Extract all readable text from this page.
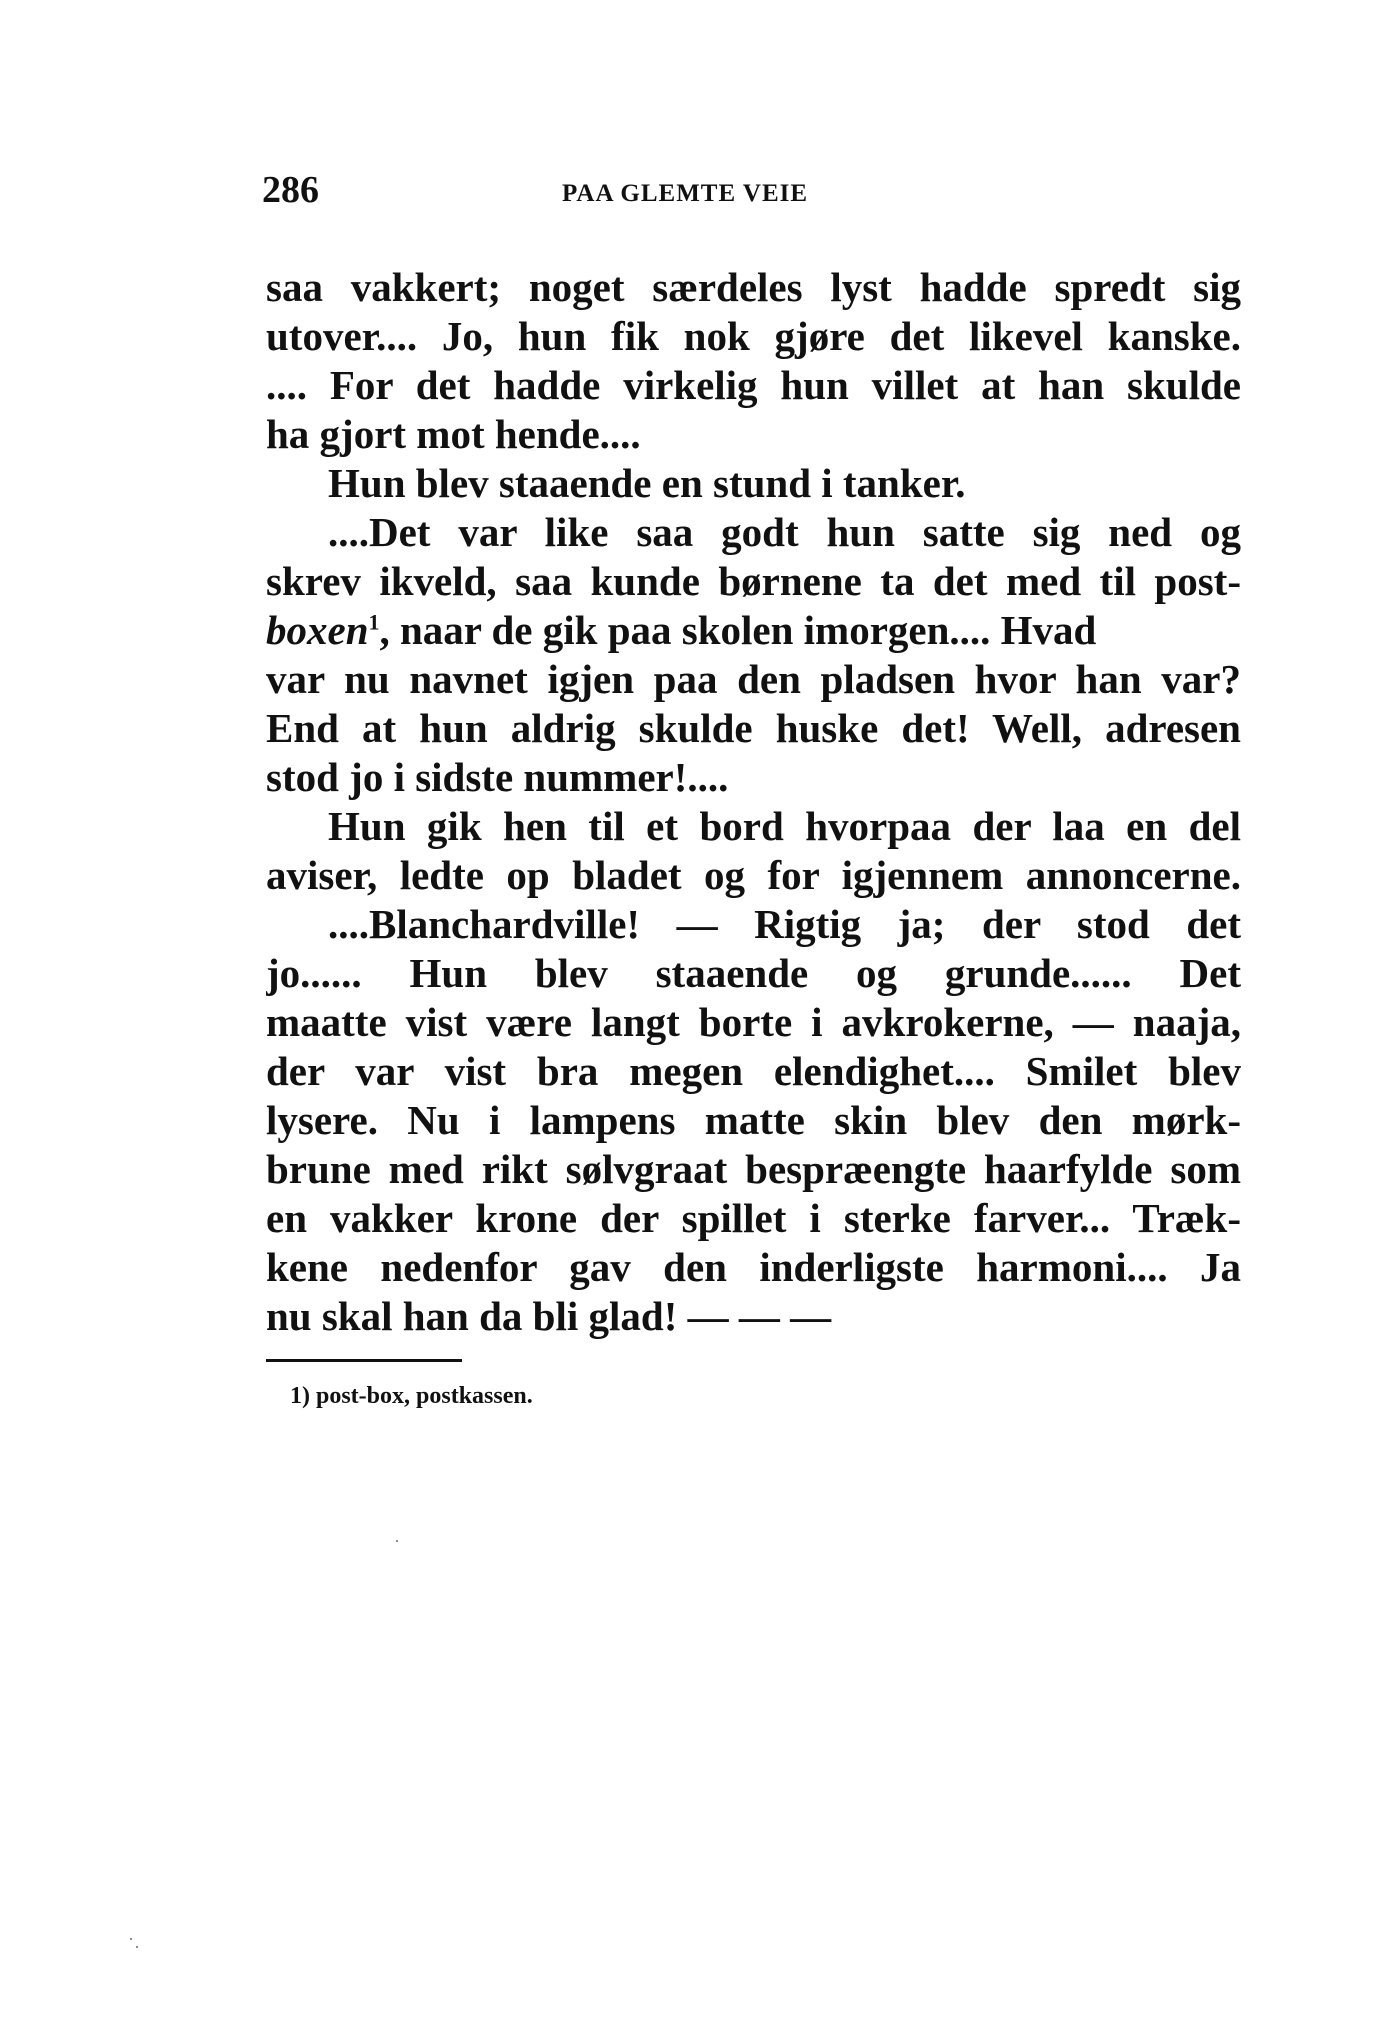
286	PAA GLEMTE VEIE
saa vakkert; noget særdeles lyst hadde spredt sig
utover.... Jo, hun fik nok gjøre det likevel kanske.
.... For det hadde virkelig hun villet at han skulde
ha gjort mot hende....
Hun blev staaende en stund i tanker.
....Det var like saa godt hun satte sig ned og
skrev ikveld, saa kunde børnene ta det med til post-
boxen$^1$, naar de gik paa skolen imorgen.... Hvad
var nu navnet igjen paa den pladsen hvor han var?
End at hun aldrig skulde huske det! Well, adresen
stod jo i sidste nummer!....
Hun gik hen til et bord hvorpaa der laa en del
aviser, ledte op bladet og for igjennem annoncerne.
....Blanchardville! — Rigtig ja; der stod det
jo...... Hun blev staaende og grunde...... Det
maatte vist være langt borte i avkrokerne, — naaja,
der var vist bra megen elendighet.... Smilet blev
lysere. Nu i lampens matte skin blev den mørk-
brune med rikt sølvgraat bespræengte haarfylde som
en vakker krone der spillet i sterke farver... Træk-
kene nedenfor gav den inderligste harmoni.... Ja
nu skal han da bli glad! — — —
1) post-box, postkassen.
